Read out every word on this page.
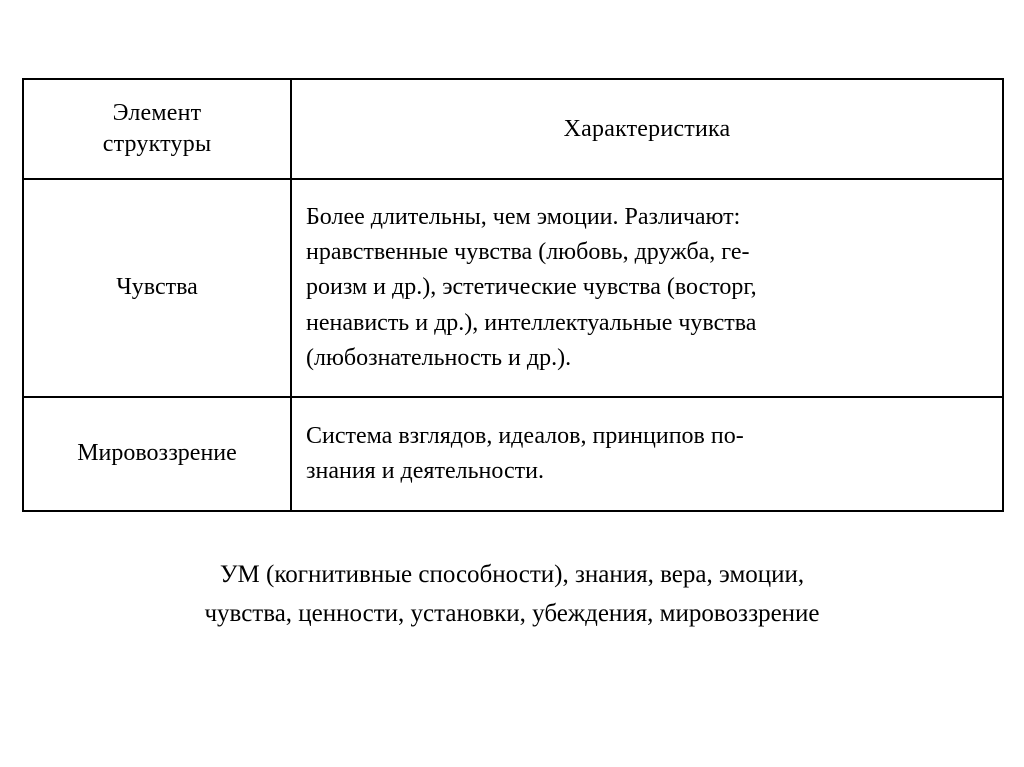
Элемент
структуры	Характеристика
Чувства	Более длительны, чем эмоции. Различают:

нравственные чувства (любовь, дружба, ге-

роизм и др.), эстетические чувства (восторг,

ненависть и др.), интеллектуальные чувства

(любознательность и др.).

Мировоззрение	Система взглядов, идеалов, принципов по-

знания и деятельности.

УМ (когнитивные способности), знания, вера, эмоции,
чувства, ценности, установки, убеждения, мировоззрение
